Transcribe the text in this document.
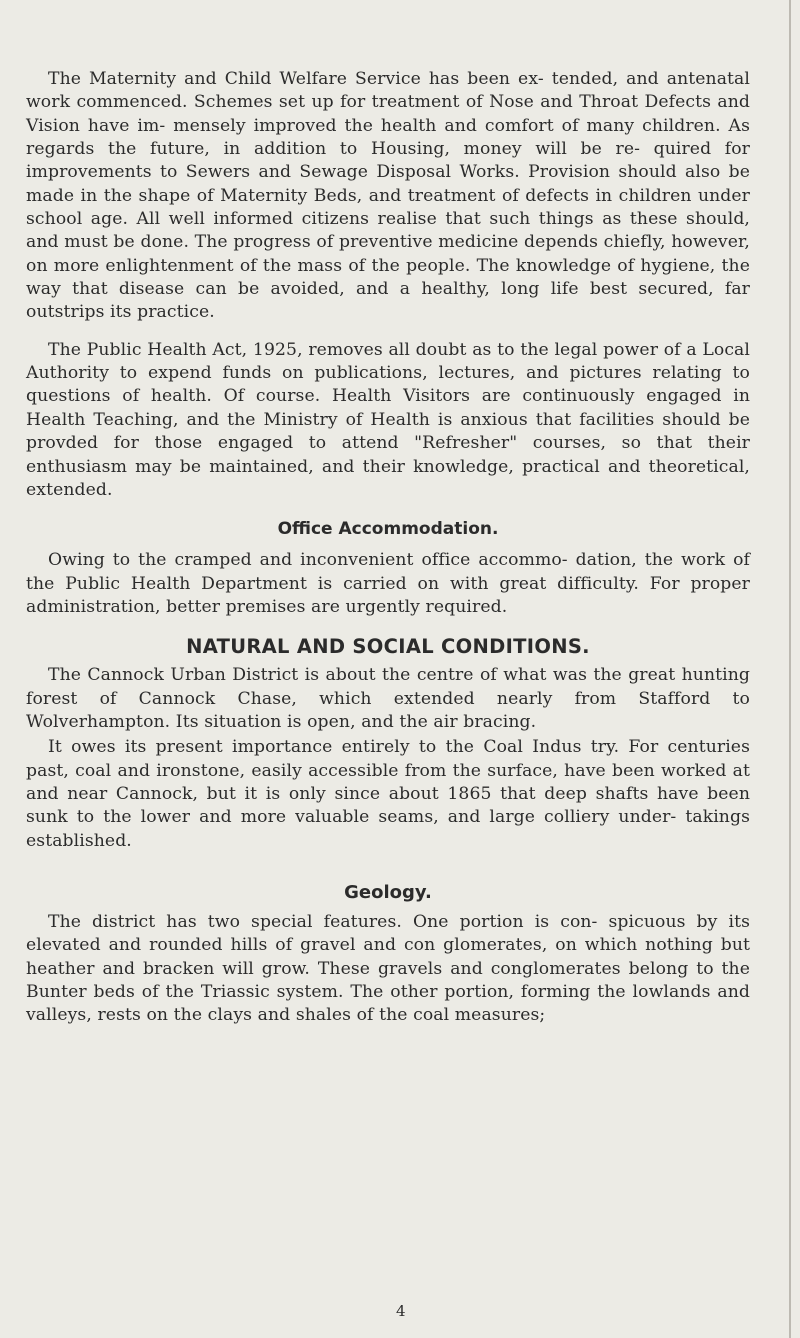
The Maternity and Child Welfare Service has been ex- tended, and antenatal work commenced. Schemes set up for treatment of Nose and Throat Defects and Vision have im- mensely improved the health and comfort of many children. As regards the future, in addition to Housing, money will be re- quired for improvements to Sewers and Sewage Disposal Works. Provision should also be made in the shape of Maternity Beds, and treatment of defects in children under school age. All well informed citizens realise that such things as these should, and must be done. The progress of preventive medicine depends chiefly, however, on more enlightenment of the mass of the people. The knowledge of hygiene, the way that disease can be avoided, and a healthy, long life best secured, far outstrips its practice.

The Public Health Act, 1925, removes all doubt as to the legal power of a Local Authority to expend funds on publications, lectures, and pictures relating to questions of health. Of course. Health Visitors are continuously engaged in Health Teaching, and the Ministry of Health is anxious that facilities should be provded for those engaged to attend "Refresher" courses, so that their enthusiasm may be maintained, and their knowledge, practical and theoretical, extended.

Office Accommodation.

Owing to the cramped and inconvenient office accommo- dation, the work of the Public Health Department is carried on with great difficulty. For proper administration, better premises are urgently required.

NATURAL AND SOCIAL CONDITIONS.

The Cannock Urban District is about the centre of what was the great hunting forest of Cannock Chase, which extended nearly from Stafford to Wolverhampton. Its situation is open, and the air bracing.

It owes its present importance entirely to the Coal Indus try. For centuries past, coal and ironstone, easily accessible from the surface, have been worked at and near Cannock, but it is only since about 1865 that deep shafts have been sunk to the lower and more valuable seams, and large colliery under- takings established.

Geology.

The district has two special features. One portion is con- spicuous by its elevated and rounded hills of gravel and con glomerates, on which nothing but heather and bracken will grow. These gravels and conglomerates belong to the Bunter beds of the Triassic system. The other portion, forming the lowlands and valleys, rests on the clays and shales of the coal measures;

4
